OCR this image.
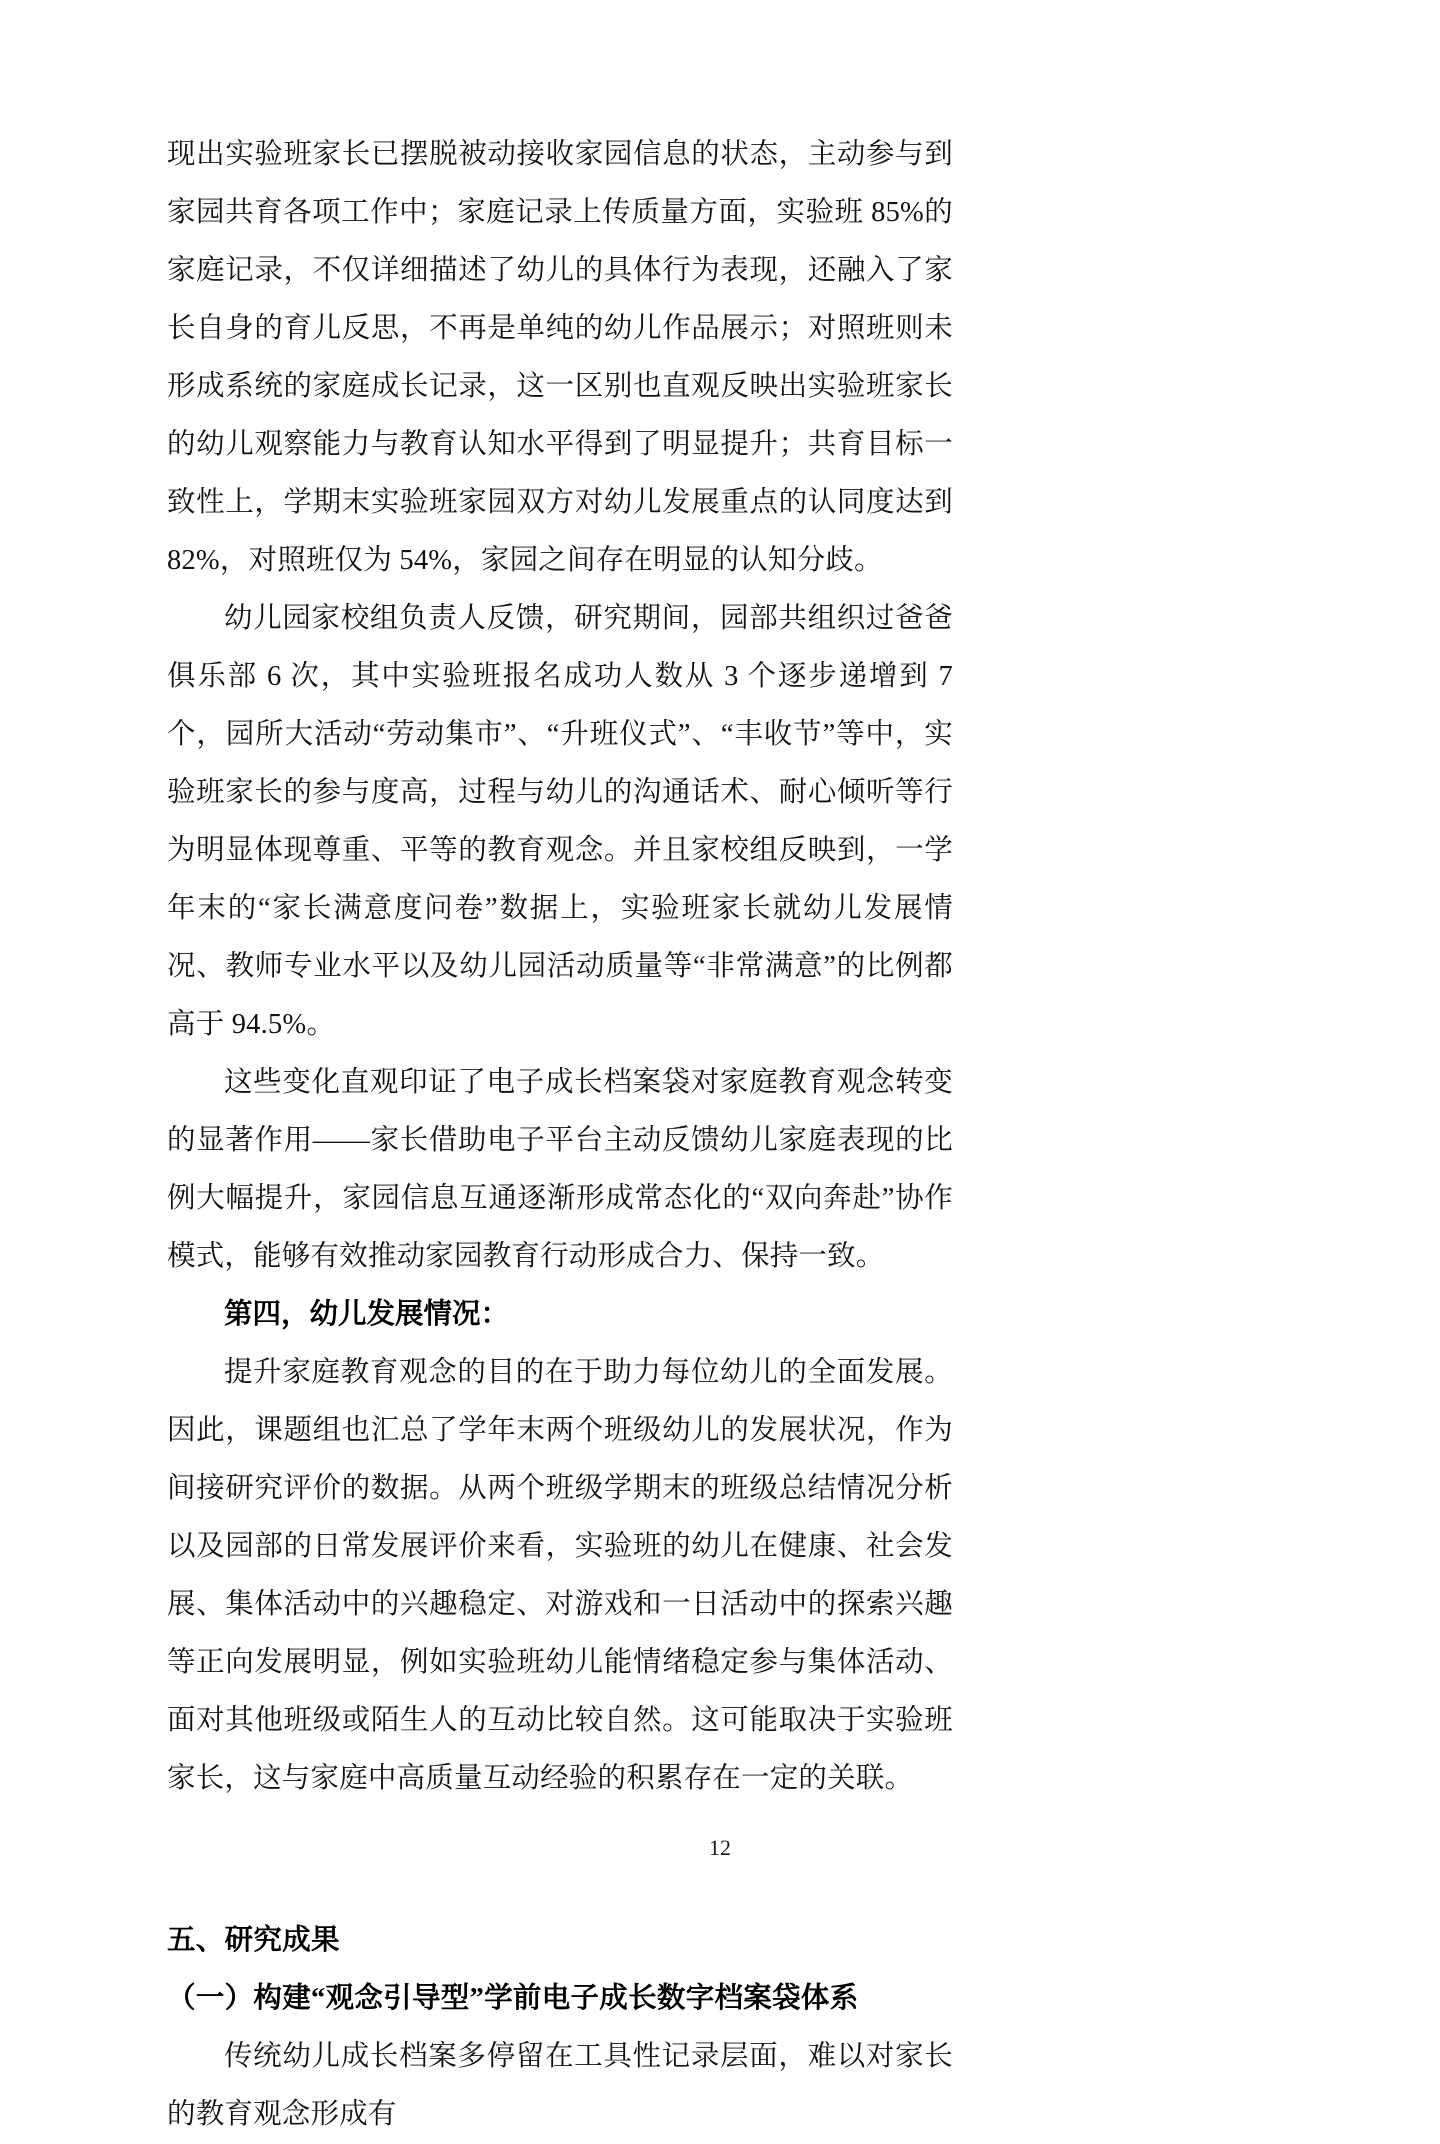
现出实验班家长已摆脱被动接收家园信息的状态，主动参与到家园共育各项工作中；家庭记录上传质量方面，实验班 85%的家庭记录，不仅详细描述了幼儿的具体行为表现，还融入了家长自身的育儿反思，不再是单纯的幼儿作品展示；对照班则未形成系统的家庭成长记录，这一区别也直观反映出实验班家长的幼儿观察能力与教育认知水平得到了明显提升；共育目标一致性上，学期末实验班家园双方对幼儿发展重点的认同度达到 82%，对照班仅为 54%，家园之间存在明显的认知分歧。

幼儿园家校组负责人反馈，研究期间，园部共组织过爸爸俱乐部 6 次，其中实验班报名成功人数从 3 个逐步递增到 7 个，园所大活动“劳动集市”、“升班仪式”、“丰收节”等中，实验班家长的参与度高，过程与幼儿的沟通话术、耐心倾听等行为明显体现尊重、平等的教育观念。并且家校组反映到，一学年末的“家长满意度问卷”数据上，实验班家长就幼儿发展情况、教师专业水平以及幼儿园活动质量等“非常满意”的比例都高于 94.5%。

这些变化直观印证了电子成长档案袋对家庭教育观念转变的显著作用——家长借助电子平台主动反馈幼儿家庭表现的比例大幅提升，家园信息互通逐渐形成常态化的“双向奔赴”协作模式，能够有效推动家园教育行动形成合力、保持一致。

第四，幼儿发展情况：

提升家庭教育观念的目的在于助力每位幼儿的全面发展。因此，课题组也汇总了学年末两个班级幼儿的发展状况，作为间接研究评价的数据。从两个班级学期末的班级总结情况分析以及园部的日常发展评价来看，实验班的幼儿在健康、社会发展、集体活动中的兴趣稳定、对游戏和一日活动中的探索兴趣等正向发展明显，例如实验班幼儿能情绪稳定参与集体活动、面对其他班级或陌生人的互动比较自然。这可能取决于实验班家长，这与家庭中高质量互动经验的积累存在一定的关联。

五、研究成果

（一）构建“观念引导型”学前电子成长数字档案袋体系

传统幼儿成长档案多停留在工具性记录层面，难以对家长的教育观念形成有

12
